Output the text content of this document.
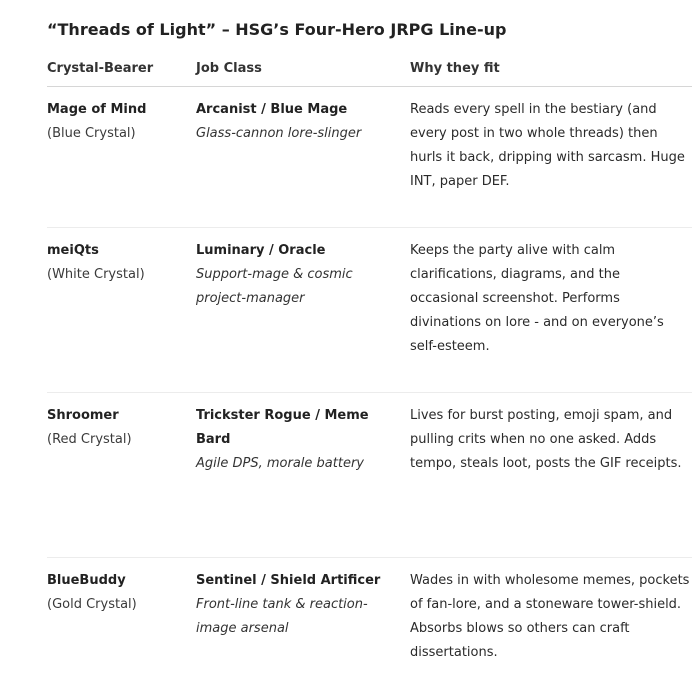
“Threads of Light” – HSG’s Four-Hero JRPG Line-up
Crystal-Bearer	Job Class	Why they fit
Mage of Mind
(Blue Crystal)
Arcanist / Blue Mage
Glass-cannon lore-slinger
Reads every spell in the bestiary (and every post in two whole threads) then hurls it back, dripping with sarcasm. Huge INT, paper DEF.
meiQts
(White Crystal)
Luminary / Oracle
Support-mage & cosmic project-manager
Keeps the party alive with calm clarifications, diagrams, and the occasional screenshot. Performs divinations on lore - and on everyone’s self-esteem.
Shroomer
(Red Crystal)
Trickster Rogue / Meme Bard
Agile DPS, morale battery
Lives for burst posting, emoji spam, and pulling crits when no one asked. Adds tempo, steals loot, posts the GIF receipts.
BlueBuddy
(Gold Crystal)
Sentinel / Shield Artificer
Front-line tank & reaction-image arsenal
Wades in with wholesome memes, pockets of fan-lore, and a stoneware tower-shield. Absorbs blows so others can craft dissertations.
